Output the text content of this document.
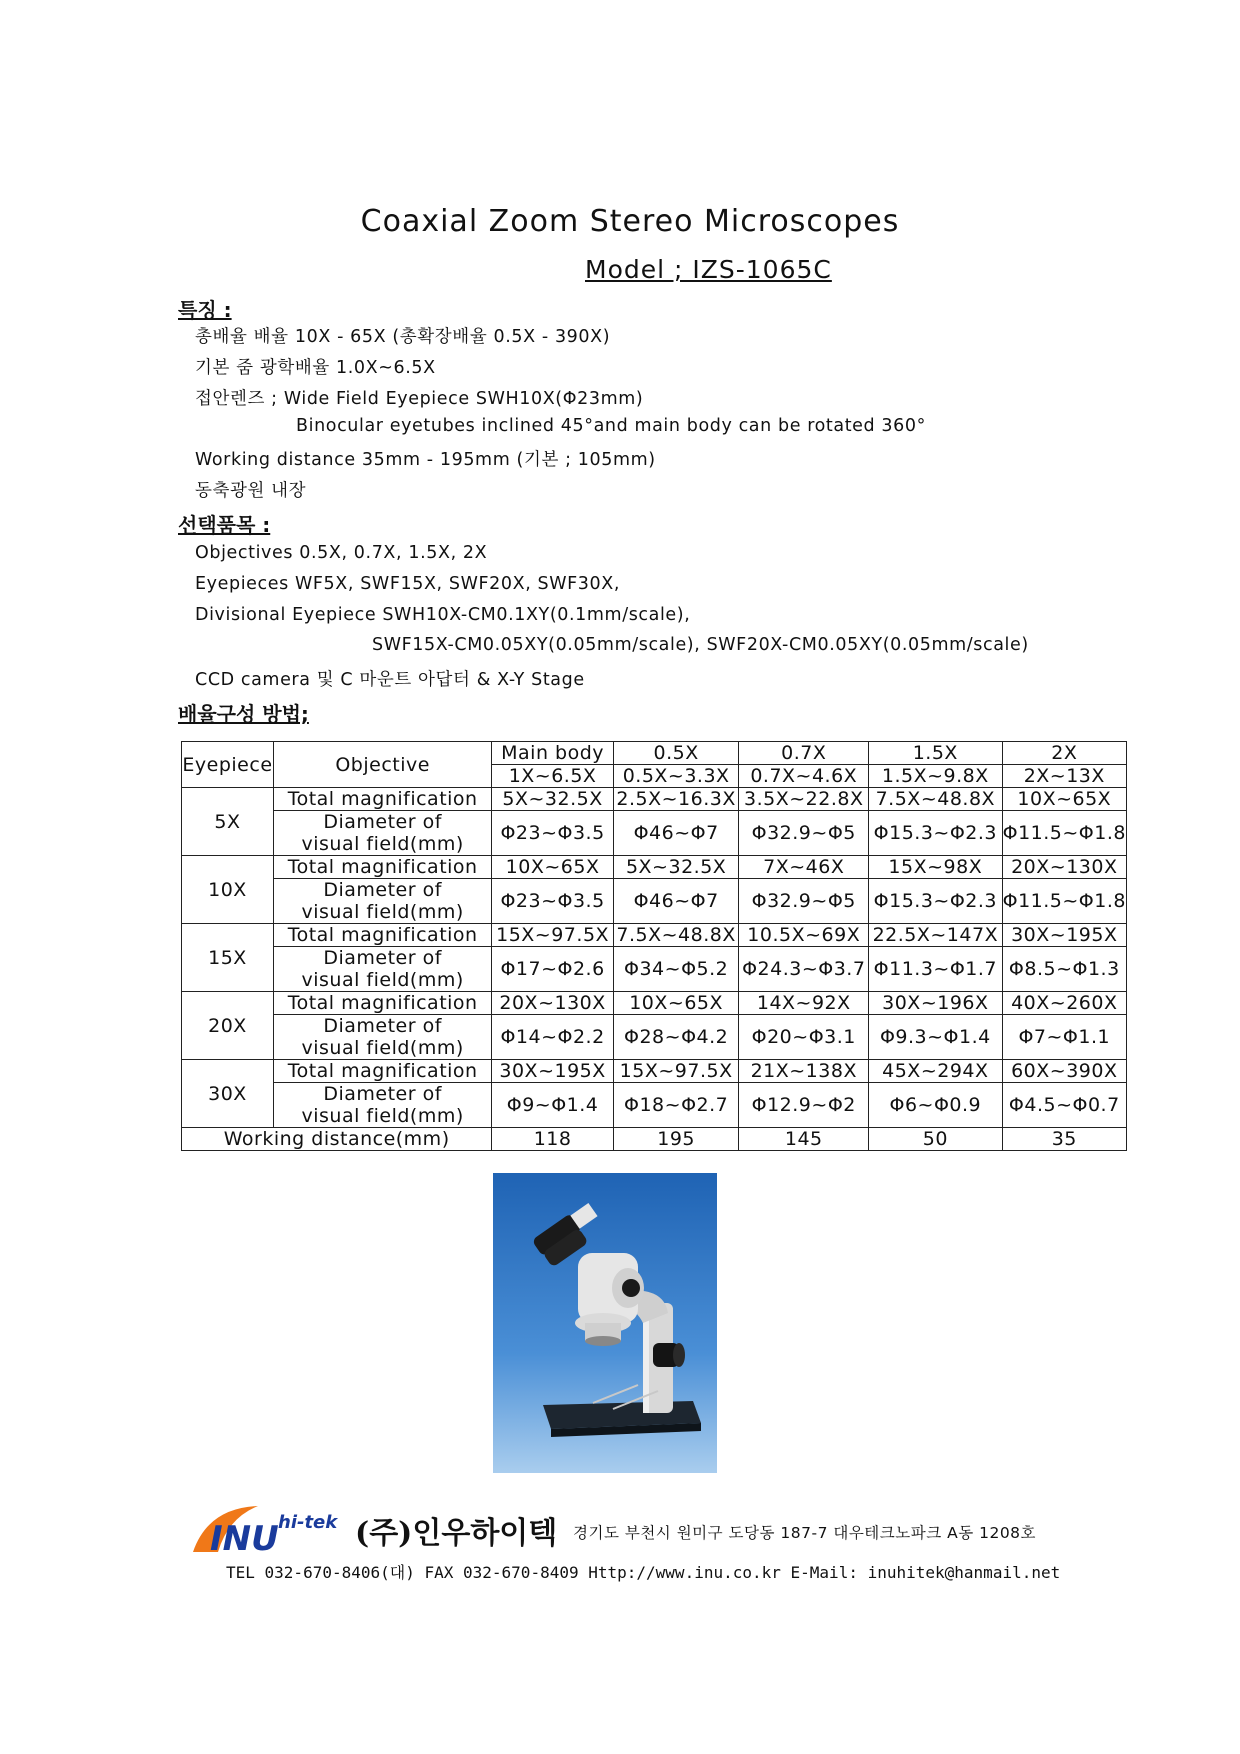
Coaxial Zoom Stereo Microscopes
Model ; IZS-1065C
특징 :
총배율 배율 10X - 65X (총확장배율 0.5X - 390X)
기본 줌 광학배율 1.0X~6.5X
접안렌즈 ; Wide Field Eyepiece SWH10X(Φ23mm)
Binocular eyetubes inclined 45°and main body can be rotated 360°
Working distance 35mm - 195mm (기본 ; 105mm)
동축광원 내장
선택품목 :
Objectives 0.5X, 0.7X, 1.5X, 2X
Eyepieces WF5X, SWF15X, SWF20X, SWF30X,
Divisional Eyepiece SWH10X-CM0.1XY(0.1mm/scale),
SWF15X-CM0.05XY(0.05mm/scale), SWF20X-CM0.05XY(0.05mm/scale)
CCD camera 및 C 마운트 아답터 & X-Y Stage
배율구성 방법;
Eyepiece	Objective	Main body	0.5X	0.7X	1.5X	2X
		1X~6.5X	0.5X~3.3X	0.7X~4.6X	1.5X~9.8X	2X~13X
5X	Total magnification	5X~32.5X	2.5X~16.3X	3.5X~22.8X	7.5X~48.8X	10X~65X
	Diameter of visual field(mm)	Φ23~Φ3.5	Φ46~Φ7	Φ32.9~Φ5	Φ15.3~Φ2.3	Φ11.5~Φ1.8
10X	Total magnification	10X~65X	5X~32.5X	7X~46X	15X~98X	20X~130X
	Diameter of visual field(mm)	Φ23~Φ3.5	Φ46~Φ7	Φ32.9~Φ5	Φ15.3~Φ2.3	Φ11.5~Φ1.8
15X	Total magnification	15X~97.5X	7.5X~48.8X	10.5X~69X	22.5X~147X	30X~195X
	Diameter of visual field(mm)	Φ17~Φ2.6	Φ34~Φ5.2	Φ24.3~Φ3.7	Φ11.3~Φ1.7	Φ8.5~Φ1.3
20X	Total magnification	20X~130X	10X~65X	14X~92X	30X~196X	40X~260X
	Diameter of visual field(mm)	Φ14~Φ2.2	Φ28~Φ4.2	Φ20~Φ3.1	Φ9.3~Φ1.4	Φ7~Φ1.1
30X	Total magnification	30X~195X	15X~97.5X	21X~138X	45X~294X	60X~390X
	Diameter of visual field(mm)	Φ9~Φ1.4	Φ18~Φ2.7	Φ12.9~Φ2	Φ6~Φ0.9	Φ4.5~Φ0.7
Working distance(mm)		118	195	145	50	35
INU hi-tek (주)인우하이텍 경기도 부천시 원미구 도당동 187-7 대우테크노파크 A동 1208호
TEL 032-670-8406(대) FAX 032-670-8409 Http://www.inu.co.kr E-Mail: inuhitek@hanmail.net
